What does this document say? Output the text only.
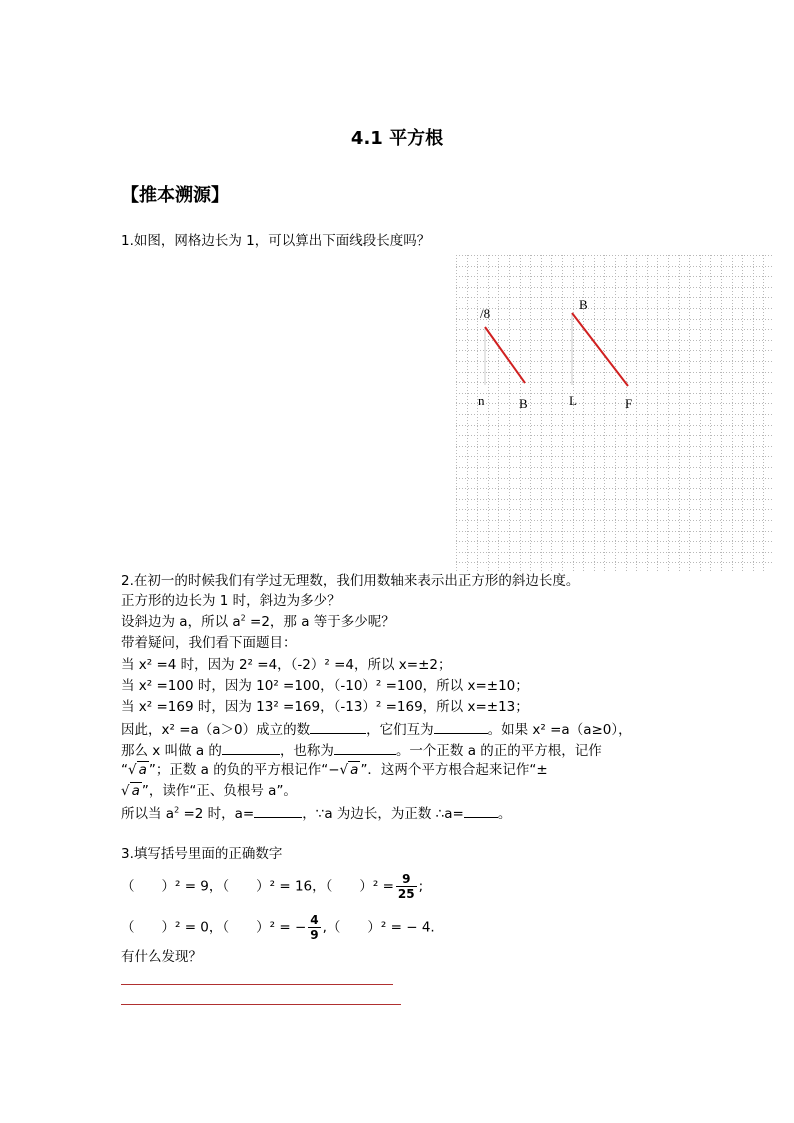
4.1 平方根
【推本溯源】
1.如图，网格边长为 1，可以算出下面线段长度吗？
/8
n	B
B
L	F
2.在初一的时候我们有学过无理数，我们用数轴来表示出正方形的斜边长度。
正方形的边长为 1 时，斜边为多少？
设斜边为 a，所以 $a^2 =2$，那 a 等于多少呢？
带着疑问，我们看下面题目：
当 x² =4 时，因为 2² =4，（-2）² =4，所以 x=±2；
当 x² =100 时，因为 10² =100，（-10）² =100，所以 x=±10；
当 x² =169 时，因为 13² =169，（-13）² =169，所以 x=±13；
因此，x² =a（a＞0）成立的数	，它们互为	。如果 x² =a（a≥0），
那么 x 叫做 a 的	，也称为	。一个正数 a 的正的平方根，记作
“√ a ”；正数 a 的负的平方根记作“−√ a ”．这两个平方根合起来记作“±
√ a ”，读作“正、负根号 a”。
所以当 $a^2 =2$ 时，a=	，∵a 为边长，为正数 ∴a=	。
3.填写括号里面的正确数字
（　　）² = 9，（　　）² = 16，（　　）$^2 = \frac{9}{25}$ ;
（　　）² = 0，（　　）² = − $\frac{4}{9}$ ,（　　）² = − 4.
有什么发现？
